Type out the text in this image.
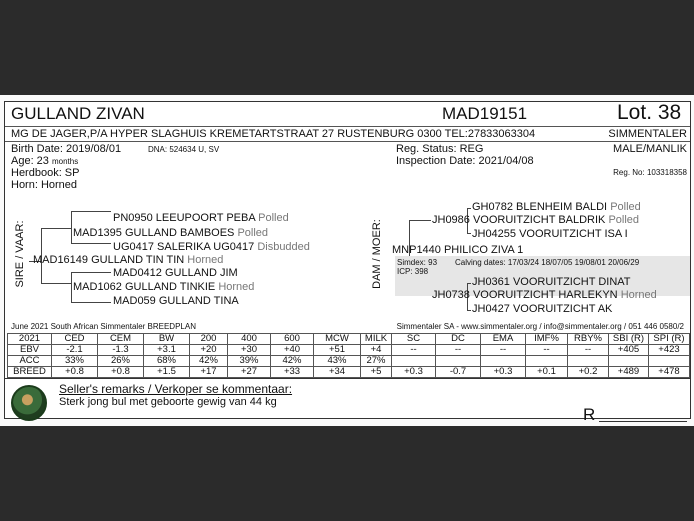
GULLAND ZIVAN	MAD19151	Lot. 38
MG DE JAGER,P/A HYPER SLAGHUIS KREMETARTSTRAAT 27 RUSTENBURG 0300 TEL:27833063304	SIMMENTALER
Birth Date: 2019/08/01	DNA: 524634 U, SV
Age: 23 months
Herdbook: SP
Horn: Horned
Reg. Status: REG
Inspection Date: 2021/04/08
MALE/MANLIK
Reg. No: 103318358
SIRE / VAAR: MAD16149 GULLAND TIN TIN Horned
MAD1395 GULLAND BAMBOES Polled
PN0950 LEEUPOORT PEBA Polled
UG0417 SALERIKA UG0417 Disbudded
MAD1062 GULLAND TINKIE Horned
MAD0412 GULLAND JIM
MAD059 GULLAND TINA
DAM / MOER: MNP1440 PHILICO ZIVA 1
JH0986 VOORUITZICHT BALDRIK Polled
GH0782 BLENHEIM BALDI Polled
JH04255 VOORUITZICHT ISA I
Simdex: 93
ICP: 398
Calving dates: 17/03/24 18/07/05 19/08/01 20/06/29
JH0738 VOORUITZICHT HARLEKYN Horned
JH0361 VOORUITZICHT DINAT
JH0427 VOORUITZICHT AK
June 2021 South African Simmentaler BREEDPLAN	Simmentaler SA - www.simmentaler.org / info@simmentaler.org / 051 446 0580/2
2021	CED	CEM	BW	200	400	600	MCW	MILK	SC	DC	EMA	IMF%	RBY%	SBI (R)	SPI (R)
EBV	-2.1	-1.3	+3.1	+20	+30	+40	+51	+4	--	--	--	--	--	+405	+423
ACC	33%	26%	68%	42%	39%	42%	43%	27%							
BREED	+0.8	+0.8	+1.5	+17	+27	+33	+34	+5	+0.3	-0.7	+0.3	+0.1	+0.2	+489	+478
Seller's remarks / Verkoper se kommentaar:
Sterk jong bul met geboorte gewig van 44 kg
R
